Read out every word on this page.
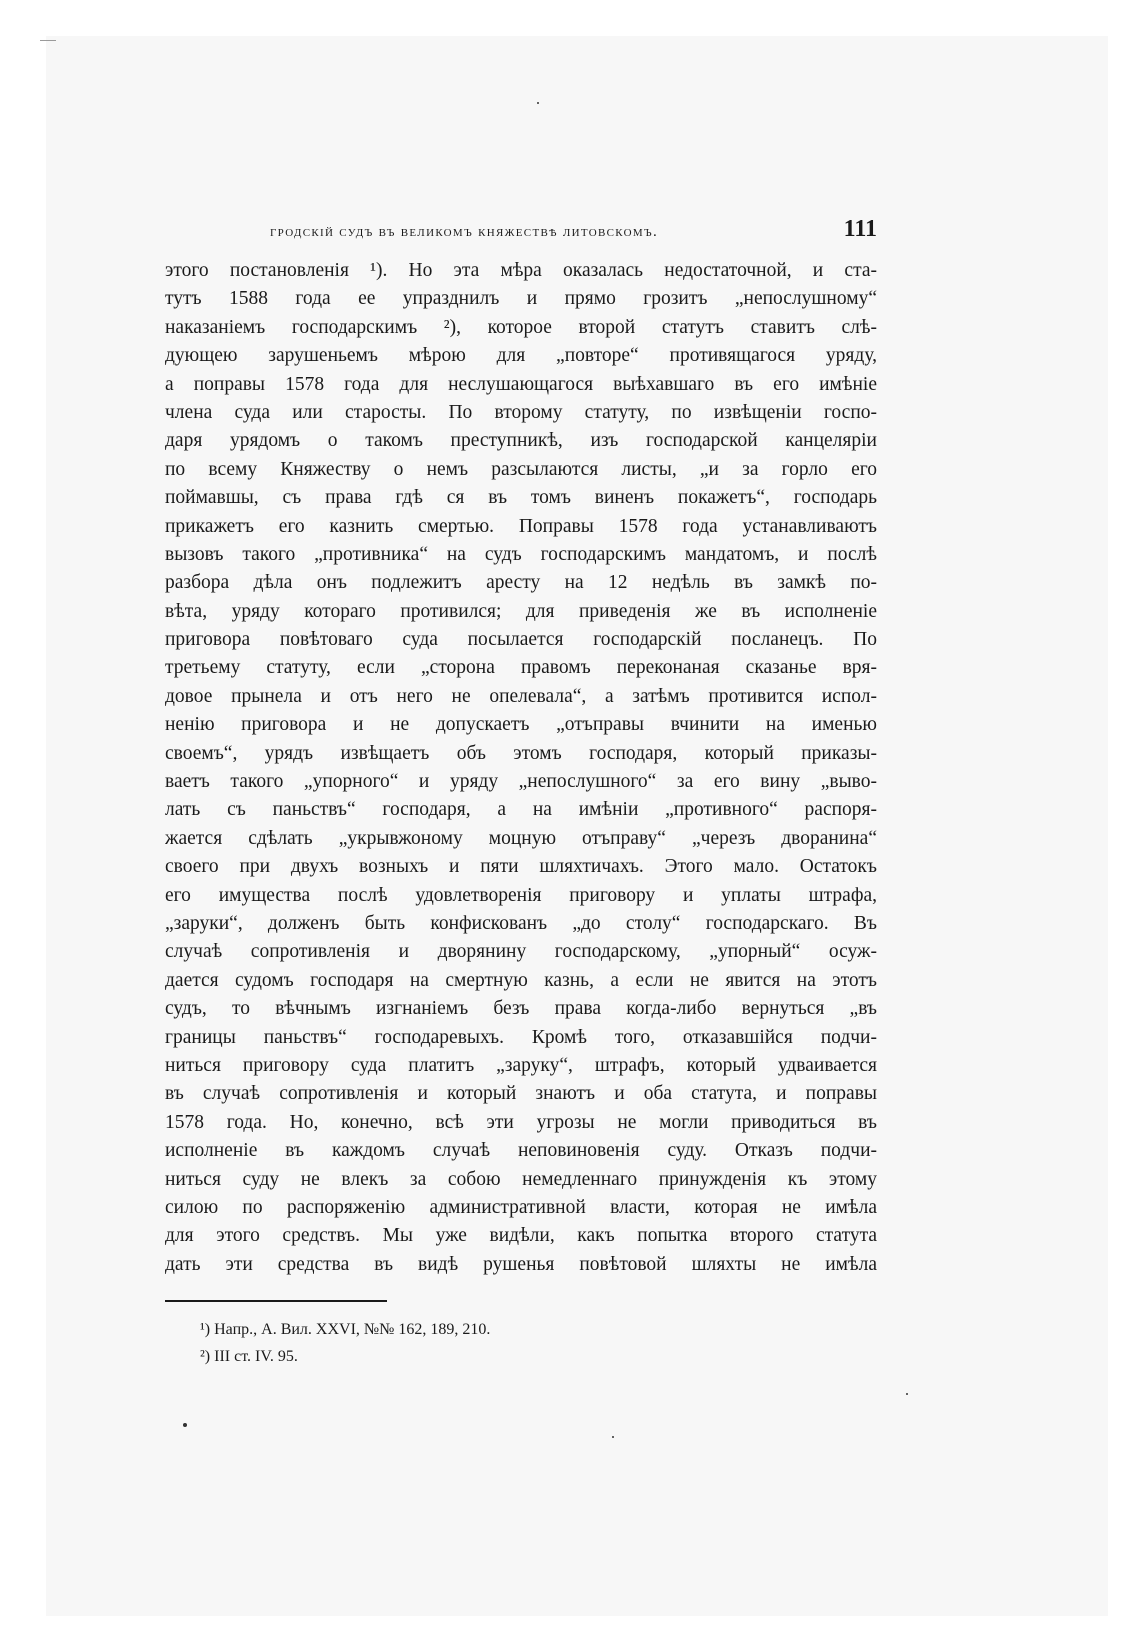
гродскій судъ въ великомъ княжествѣ литовскомъ.	111
этого постановленія ¹). Но эта мѣра оказалась недостаточной, и ста-
тутъ 1588 года ее упразднилъ и прямо грозитъ „непослушному“
наказаніемъ господарскимъ ²), которое второй статутъ ставитъ слѣ-
дующею зарушеньемъ мѣрою для „повторе“ противящагося уряду,
а поправы 1578 года для неслушающагося выѣхавшаго въ его имѣніе
члена суда или старосты. По второму статуту, по извѣщеніи госпо-
даря урядомъ о такомъ преступникѣ, изъ господарской канцеляріи
по всему Княжеству о немъ разсылаются листы, „и за горло его
поймавшы, съ права гдѣ ся въ томъ виненъ покажетъ“, господарь
прикажетъ его казнить смертью. Поправы 1578 года устанавливаютъ
вызовъ такого „противника“ на судъ господарскимъ мандатомъ, и послѣ
разбора дѣла онъ подлежитъ аресту на 12 недѣль въ замкѣ по-
вѣта, уряду котораго противился; для приведенія же въ исполненіе
приговора повѣтоваго суда посылается господарскій посланецъ. По
третьему статуту, если „сторона правомъ переконаная сказанье вря-
довое прынела и отъ него не опелевала“, а затѣмъ противится испол-
ненію приговора и не допускаетъ „отъправы вчинити на именью
своемъ“, урядъ извѣщаетъ объ этомъ господаря, который приказы-
ваетъ такого „упорного“ и уряду „непослушного“ за его вину „выво-
лать съ паньствъ“ господаря, а на имѣніи „противного“ распоря-
жается сдѣлать „укрывжоному моцную отъправу“ „черезъ дворанина“
своего при двухъ возныхъ и пяти шляхтичахъ. Этого мало. Остатокъ
его имущества послѣ удовлетворенія приговору и уплаты штрафа,
„заруки“, долженъ быть конфискованъ „до столу“ господарскаго. Въ
случаѣ сопротивленія и дворянину господарскому, „упорный“ осуж-
дается судомъ господаря на смертную казнь, а если не явится на этотъ
судъ, то вѣчнымъ изгнаніемъ безъ права когда-либо вернуться „въ
границы паньствъ“ господаревыхъ. Кромѣ того, отказавшійся подчи-
ниться приговору суда платитъ „заруку“, штрафъ, который удваивается
въ случаѣ сопротивленія и который знаютъ и оба статута, и поправы
1578 года. Но, конечно, всѣ эти угрозы не могли приводиться въ
исполненіе въ каждомъ случаѣ неповиновенія суду. Отказъ подчи-
ниться суду не влекъ за собою немедленнаго принужденія къ этому
силою по распоряженію административной власти, которая не имѣла
для этого средствъ. Мы уже видѣли, какъ попытка второго статута
дать эти средства въ видѣ рушенья повѣтовой шляхты не имѣла
¹) Напр., А. Вил. XXVI, №№ 162, 189, 210.
²) III ст. IV. 95.
